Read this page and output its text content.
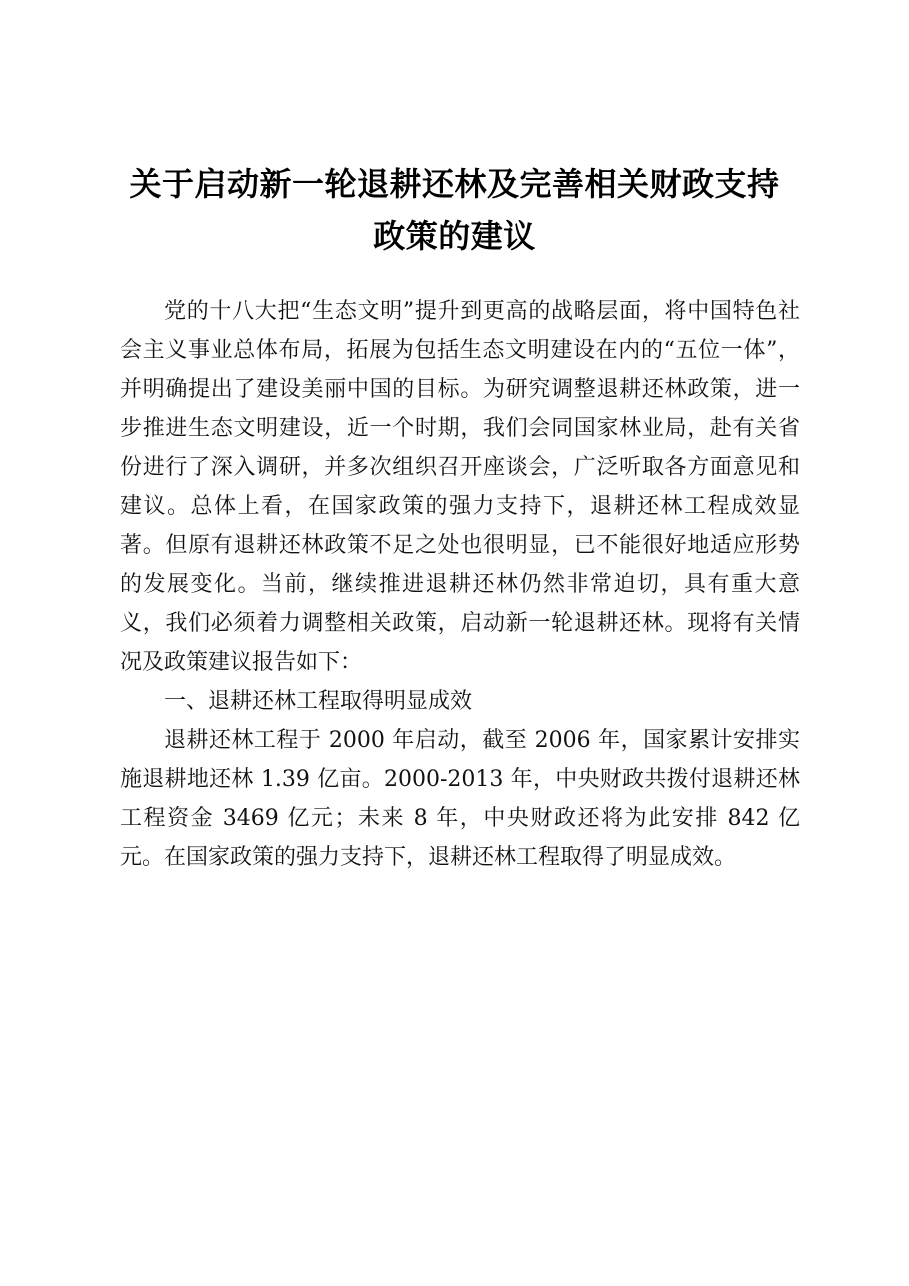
关于启动新一轮退耕还林及完善相关财政支持
政策的建议

党的十八大把“生态文明”提升到更高的战略层面，将中国特色社会主义事业总体布局，拓展为包括生态文明建设在内的“五位一体”，并明确提出了建设美丽中国的目标。为研究调整退耕还林政策，进一步推进生态文明建设，近一个时期，我们会同国家林业局，赴有关省份进行了深入调研，并多次组织召开座谈会，广泛听取各方面意见和建议。总体上看，在国家政策的强力支持下，退耕还林工程成效显著。但原有退耕还林政策不足之处也很明显，已不能很好地适应形势的发展变化。当前，继续推进退耕还林仍然非常迫切，具有重大意义，我们必须着力调整相关政策，启动新一轮退耕还林。现将有关情况及政策建议报告如下：

一、退耕还林工程取得明显成效

退耕还林工程于 2000 年启动，截至 2006 年，国家累计安排实施退耕地还林 1.39 亿亩。2000-2013 年，中央财政共拨付退耕还林工程资金 3469 亿元；未来 8 年，中央财政还将为此安排 842 亿元。在国家政策的强力支持下，退耕还林工程取得了明显成效。
